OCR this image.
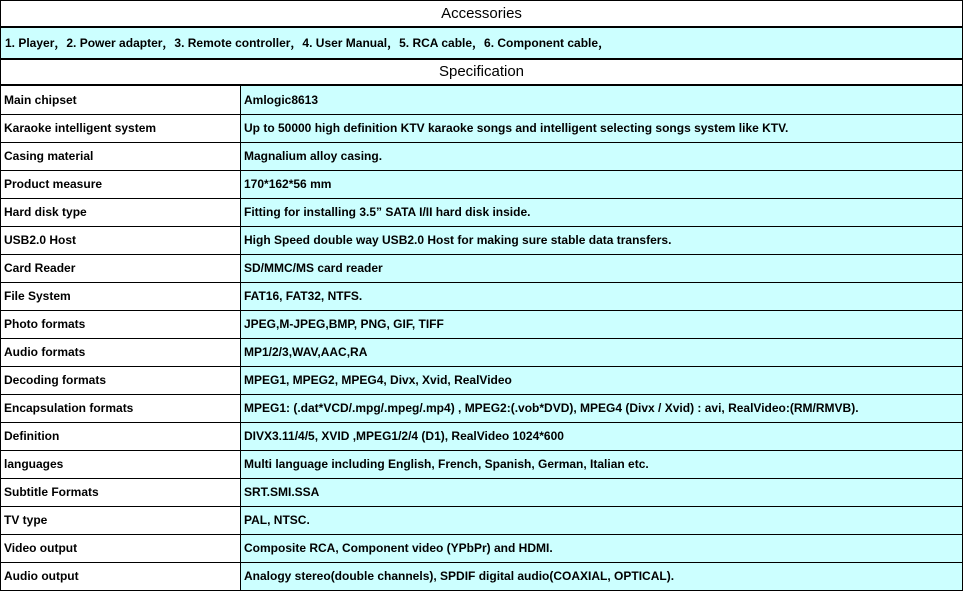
Accessories
1. Player，2. Power adapter，3. Remote controller，4. User Manual，5. RCA cable，6. Component cable，
Specification
Main chipset	Amlogic8613
Karaoke intelligent system	Up to 50000 high definition KTV karaoke songs and intelligent selecting songs system like KTV.
Casing material	Magnalium alloy casing.
Product measure	170*162*56 mm
Hard disk type	Fitting for installing 3.5” SATA I/II hard disk inside.
USB2.0 Host	High Speed double way USB2.0 Host for making sure stable data transfers.
Card Reader	SD/MMC/MS card reader
File System	FAT16, FAT32, NTFS.
Photo formats	JPEG,M-JPEG,BMP, PNG, GIF, TIFF
Audio formats	MP1/2/3,WAV,AAC,RA
Decoding formats	MPEG1, MPEG2, MPEG4, Divx, Xvid, RealVideo
Encapsulation formats	MPEG1: (.dat*VCD/.mpg/.mpeg/.mp4) , MPEG2:(.vob*DVD), MPEG4 (Divx / Xvid) : avi, RealVideo:(RM/RMVB).
Definition	DIVX3.11/4/5, XVID ,MPEG1/2/4 (D1), RealVideo 1024*600
languages	Multi language including English, French, Spanish, German, Italian etc.
Subtitle Formats	SRT.SMI.SSA
TV type	PAL, NTSC.
Video output	Composite RCA, Component video (YPbPr) and HDMI.
Audio output	Analogy stereo(double channels), SPDIF digital audio(COAXIAL, OPTICAL).
